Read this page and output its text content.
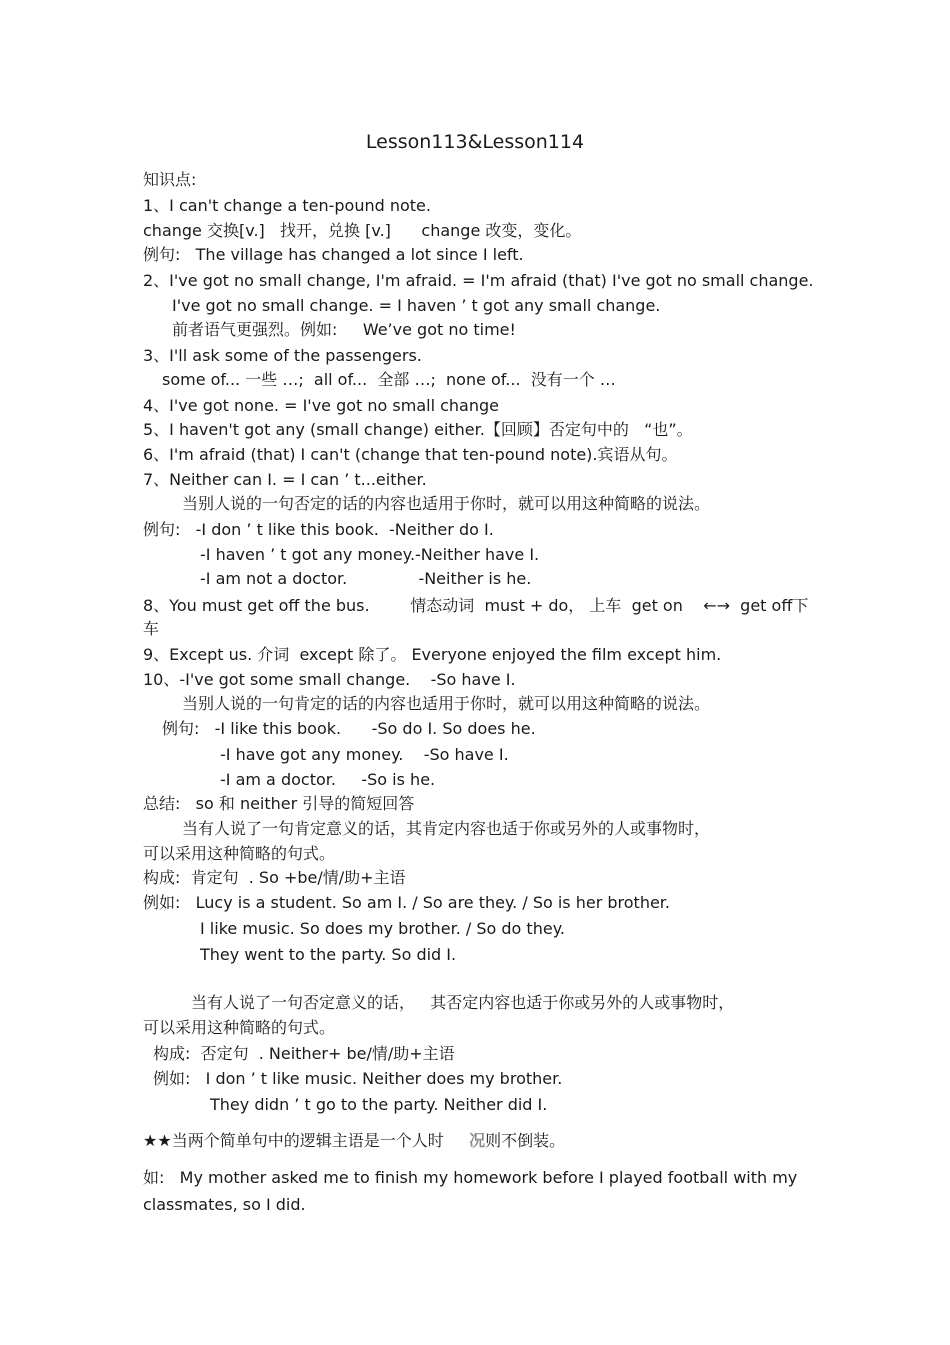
Lesson113&Lesson114
知识点:
1、I can't change a ten-pound note.
change 交换[v.]   找开，兑换 [v.]      change 改变，变化。
例句:   The village has changed a lot since I left.
2、I've got no small change, I'm afraid. = I'm afraid (that) I've got no small change.
I've got no small change. = I haven ’ t got any small change.
前者语气更强烈。例如:     We’ve got no time!
3、I'll ask some of the passengers.
some of... 一些 …;  all of...  全部 …;  none of...  没有一个 …
4、I've got none. = I've got no small change
5、I haven't got any (small change) either.【回顾】否定句中的   “也”。
6、I'm afraid (that) I can't (change that ten-pound note).宾语从句。
7、Neither can I. = I can ’ t...either.
当别人说的一句否定的话的内容也适用于你时，就可以用这种简略的说法。
例句:   -I don ’ t like this book.  -Neither do I.
-I haven ’ t got any money.-Neither have I.
-I am not a doctor.              -Neither is he.
8、You must get off the bus.        情态动词  must + do， 上车  get on    ←→  get off下
车
9、Except us. 介词  except 除了。 Everyone enjoyed the film except him.
10、-I've got some small change.    -So have I.
当别人说的一句肯定的话的内容也适用于你时，就可以用这种简略的说法。
例句:   -I like this book.      -So do I. So does he.
-I have got any money.    -So have I.
-I am a doctor.     -So is he.
总结:   so 和 neither 引导的简短回答
当有人说了一句肯定意义的话，其肯定内容也适于你或另外的人或事物时，
可以采用这种简略的句式。
构成:  肯定句  . So +be/情/助+主语
例如:   Lucy is a student. So am I. / So are they. / So is her brother.
I like music. So does my brother. / So do they.
They went to the party. So did I.
当有人说了一句否定意义的话，   其否定内容也适于你或另外的人或事物时，
可以采用这种简略的句式。
构成:  否定句  . Neither+ be/情/助+主语
例如:   I don ’ t like music. Neither does my brother.
They didn ’ t go to the party. Neither did I.
★★当两个简单句中的逻辑主语是一个人时     况则不倒装。
如:   My mother asked me to finish my homework before I played football with my
classmates, so I did.
